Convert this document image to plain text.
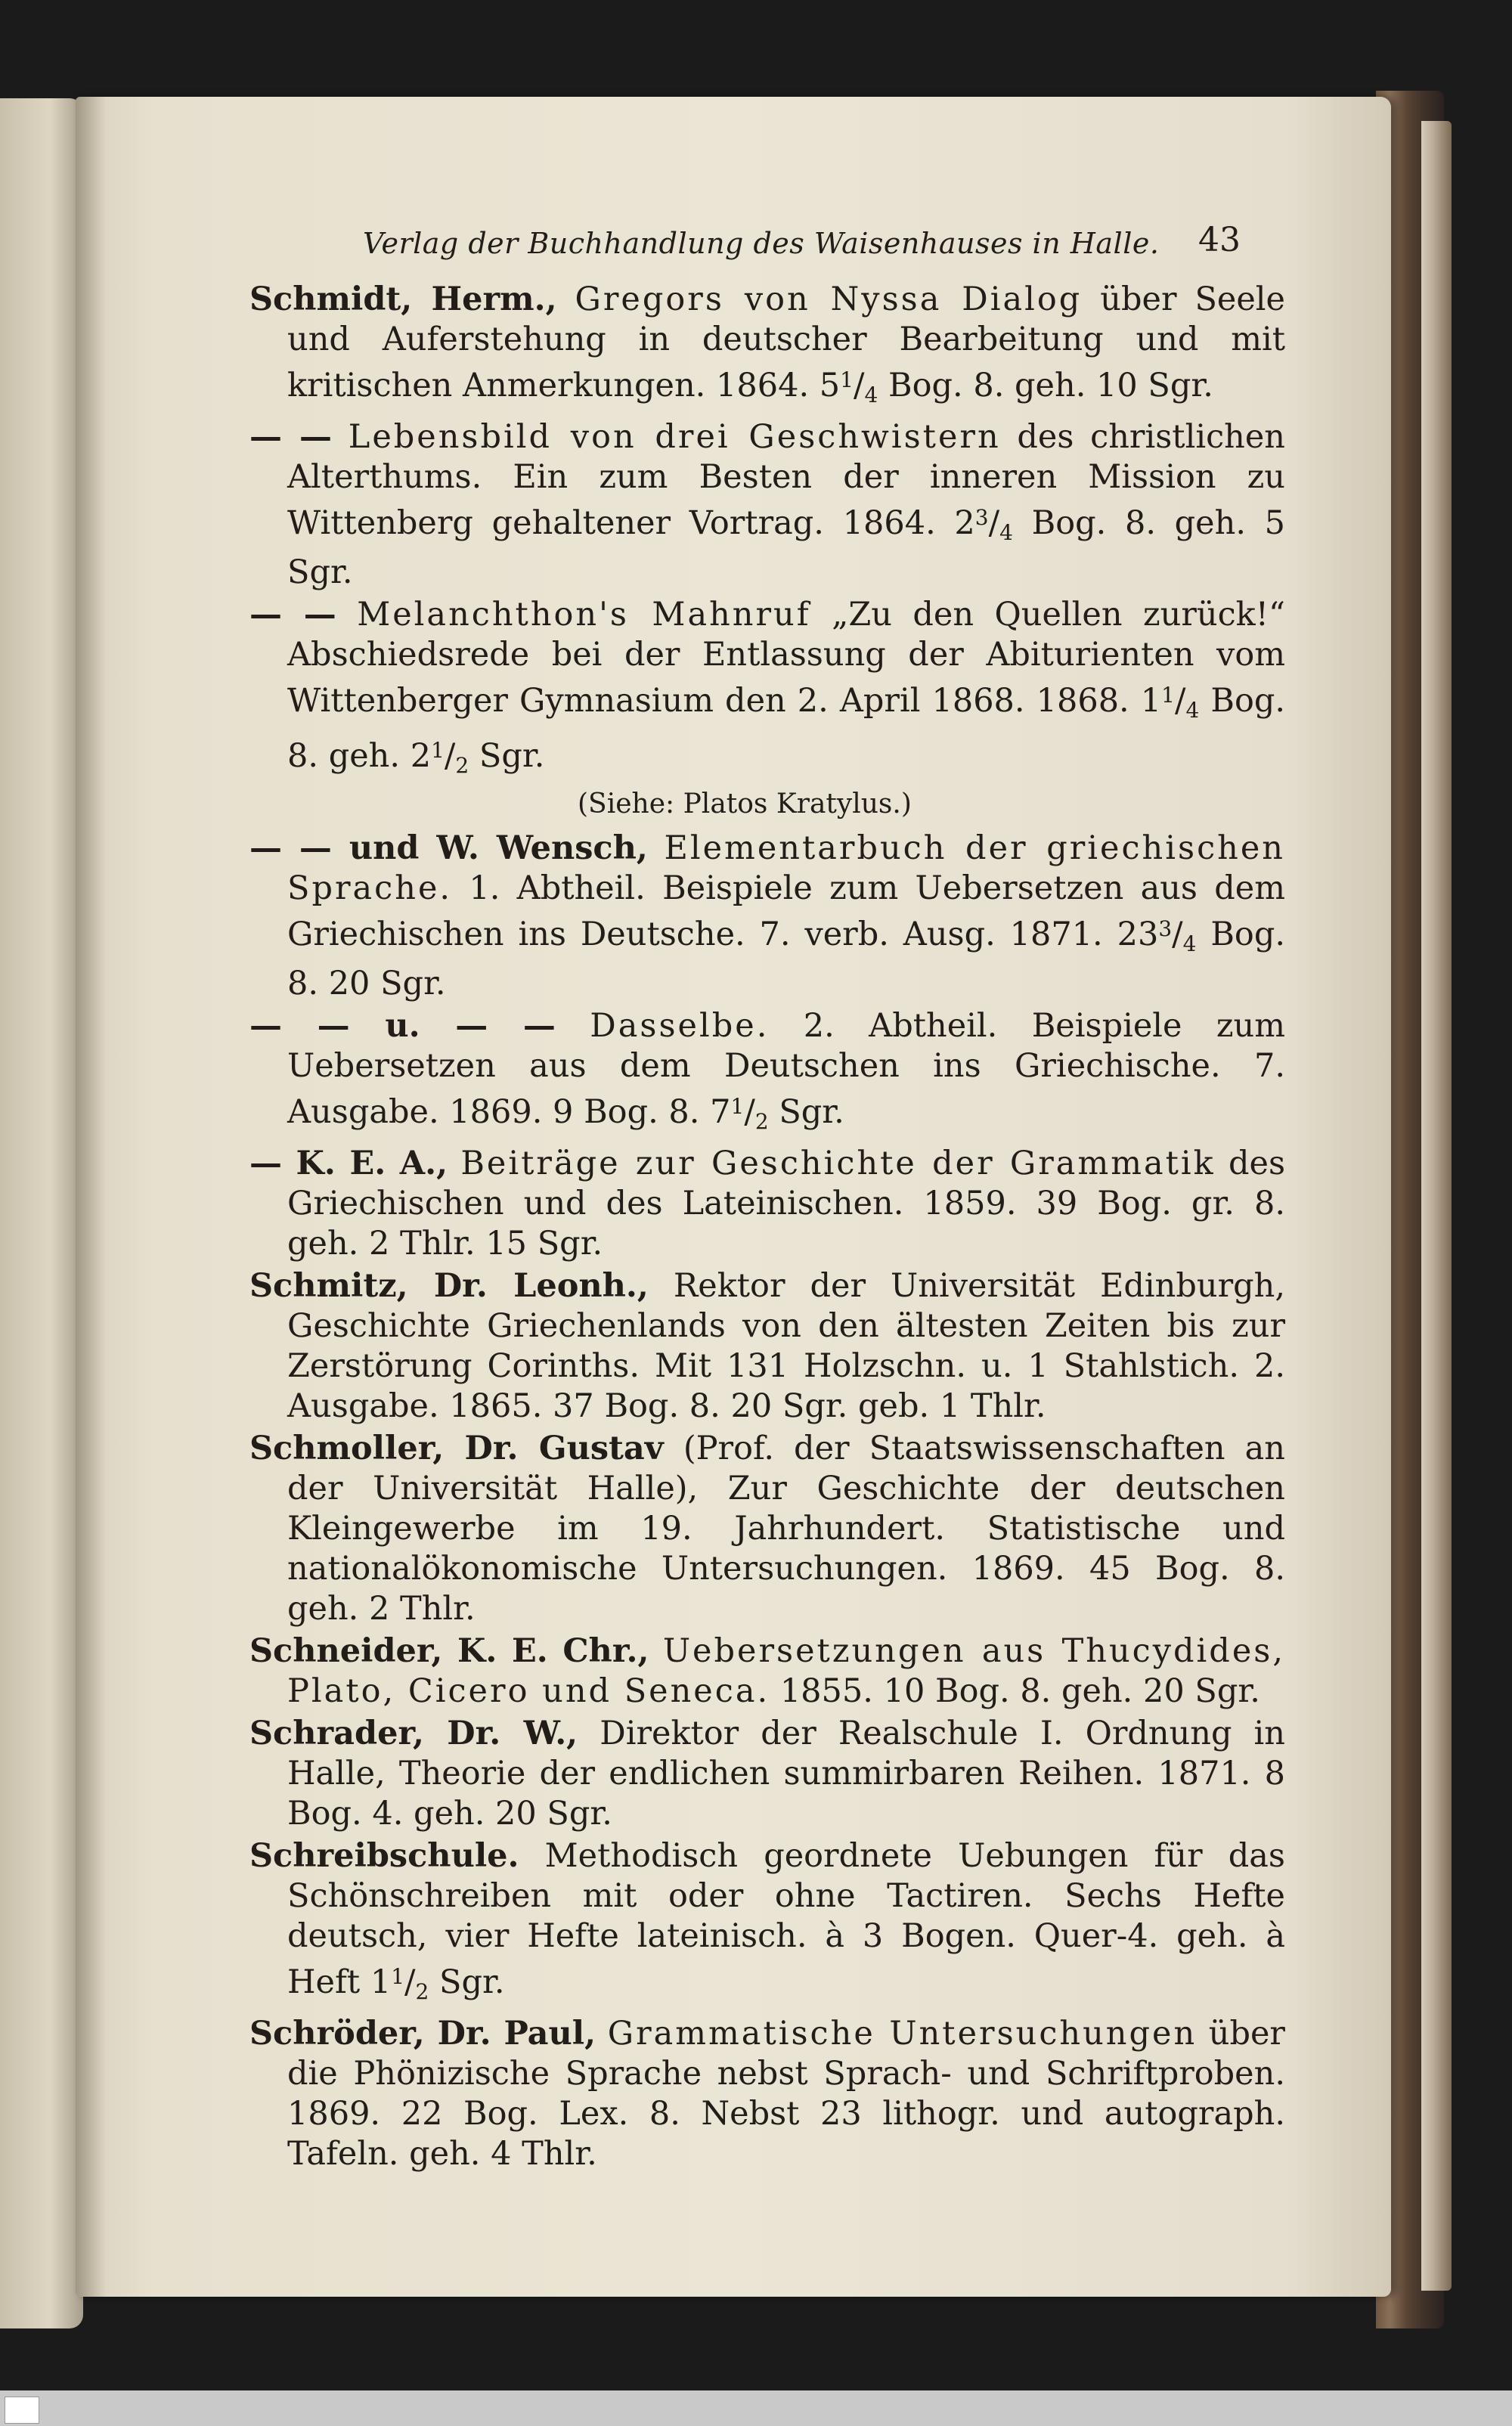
Verlag der Buchhandlung des Waisenhauses in Halle. 43

Schmidt, Herm., Gregors von Nyssa Dialog über Seele und Auferstehung in deutscher Bearbeitung und mit kritischen Anmerkungen. 1864. $5^1/_4$ Bog. 8. geh. 10 Sgr.

— — Lebensbild von drei Geschwistern des christlichen Alterthums. Ein zum Besten der inneren Mission zu Wittenberg gehaltener Vortrag. 1864. $2^3/_4$ Bog. 8. geh. 5 Sgr.

— — Melanchthon's Mahnruf „Zu den Quellen zurück!“ Abschiedsrede bei der Entlassung der Abiturienten vom Wittenberger Gymnasium den 2. April 1868. 1868. $1^1/_4$ Bog. 8. geh. $2^1/_2$ Sgr.

(Siehe: Platos Kratylus.)

— — und W. Wensch, Elementarbuch der griechischen Sprache. 1. Abtheil. Beispiele zum Uebersetzen aus dem Griechischen ins Deutsche. 7. verb. Ausg. 1871. $23^3/_4$ Bog. 8. 20 Sgr.

— — u. — — Dasselbe. 2. Abtheil. Beispiele zum Uebersetzen aus dem Deutschen ins Griechische. 7. Ausgabe. 1869. 9 Bog. 8. $7^1/_2$ Sgr.

— K. E. A., Beiträge zur Geschichte der Grammatik des Griechischen und des Lateinischen. 1859. 39 Bog. gr. 8. geh. 2 Thlr. 15 Sgr.

Schmitz, Dr. Leonh., Rektor der Universität Edinburgh, Geschichte Griechenlands von den ältesten Zeiten bis zur Zerstörung Corinths. Mit 131 Holzschn. u. 1 Stahlstich. 2. Ausgabe. 1865. 37 Bog. 8. 20 Sgr. geb. 1 Thlr.

Schmoller, Dr. Gustav (Prof. der Staatswissenschaften an der Universität Halle), Zur Geschichte der deutschen Kleingewerbe im 19. Jahrhundert. Statistische und nationalökonomische Untersuchungen. 1869. 45 Bog. 8. geh. 2 Thlr.

Schneider, K. E. Chr., Uebersetzungen aus Thucydides, Plato, Cicero und Seneca. 1855. 10 Bog. 8. geh. 20 Sgr.

Schrader, Dr. W., Direktor der Realschule I. Ordnung in Halle, Theorie der endlichen summirbaren Reihen. 1871. 8 Bog. 4. geh. 20 Sgr.

Schreibschule. Methodisch geordnete Uebungen für das Schönschreiben mit oder ohne Tactiren. Sechs Hefte deutsch, vier Hefte lateinisch. à 3 Bogen. Quer-4. geh. à Heft $1^1/_2$ Sgr.

Schröder, Dr. Paul, Grammatische Untersuchungen über die Phönizische Sprache nebst Sprach- und Schriftproben. 1869. 22 Bog. Lex. 8. Nebst 23 lithogr. und autograph. Tafeln. geh. 4 Thlr.
